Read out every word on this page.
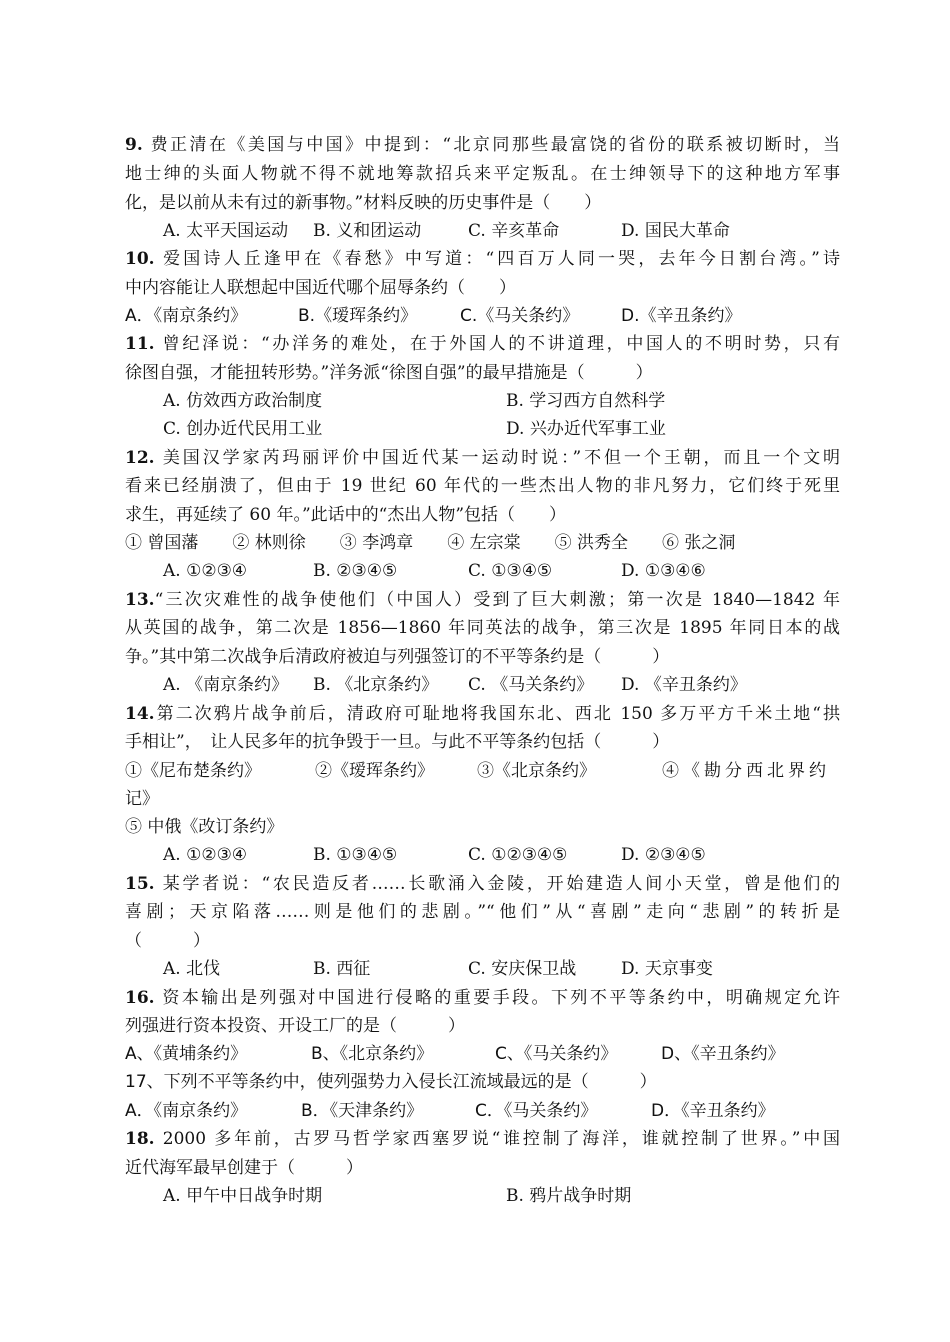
9. 费正清在《美国与中国》中提到：“北京同那些最富饶的省份的联系被切断时，当
地士绅的头面人物就不得不就地筹款招兵来平定叛乱。在士绅领导下的这种地方军事
化，是以前从未有过的新事物。”材料反映的历史事件是（　　）
A. 太平天国运动 B. 义和团运动	C. 辛亥革命	D. 国民大革命
10. 爱国诗人丘逢甲在《春愁》中写道：“四百万人同一哭，去年今日割台湾。”诗
中内容能让人联想起中国近代哪个屈辱条约（　　）
A．《南京条约》	B.《瑷珲条约》	C.《马关条约》 D.《辛丑条约》
11. 曾纪泽说：“办洋务的难处，在于外国人的不讲道理，中国人的不明时势，只有
徐图自强，才能扭转形势。”洋务派“徐图自强”的最早措施是（　　　）
A. 仿效西方政治制度	B. 学习西方自然科学
C. 创办近代民用工业	D. 兴办近代军事工业
12. 美国汉学家芮玛丽评价中国近代某一运动时说：”不但一个王朝，而且一个文明
看来已经崩溃了，但由于 19 世纪 60 年代的一些杰出人物的非凡努力，它们终于死里
求生，再延续了 60 年。”此话中的“杰出人物”包括（　　）
① 曾国藩　　② 林则徐　　③ 李鸿章　　④ 左宗棠　　⑤ 洪秀全　　⑥ 张之洞
A. ①②③④	B. ②③④⑤	C. ①③④⑤	D. ①③④⑥
13.“三次灾难性的战争使他们（中国人）受到了巨大刺激；第一次是 1840—1842 年
从英国的战争，第二次是 1856—1860 年同英法的战争，第三次是 1895 年同日本的战
争。”其中第二次战争后清政府被迫与列强签订的不平等条约是（　　　）
A. 《南京条约》 B. 《北京条约》 C. 《马关条约》 D. 《辛丑条约》
14.第二次鸦片战争前后，清政府可耻地将我国东北、西北 150 多万平方千米土地“拱
手相让”，　让人民多年的抗争毁于一旦。与此不平等条约包括（　　　）
①《尼布楚条约》	②《瑷珲条约》	③《北京条约》	④《勘分西北界约
记》
⑤ 中俄《改订条约》
A. ①②③④	B. ①③④⑤	C. ①②③④⑤	D. ②③④⑤
15. 某学者说：“农民造反者……长歌涌入金陵，开始建造人间小天堂，曾是他们的
喜剧；天京陷落……则是他们的悲剧。”“他们”从“喜剧”走向“悲剧”的转折是
（　　　）
A. 北伐	B. 西征	C. 安庆保卫战	D. 天京事变
16. 资本输出是列强对中国进行侵略的重要手段。下列不平等条约中，明确规定允许
列强进行资本投资、开设工厂的是（　　　）
A、《黄埔条约》	B、《北京条约》	C、《马关条约》	D、《辛丑条约》
17、下列不平等条约中，使列强势力入侵长江流域最远的是（　　　）
A．《南京条约》	B．《天津条约》	C．《马关条约》	D．《辛丑条约》
18. 2000 多年前，古罗马哲学家西塞罗说“谁控制了海洋，谁就控制了世界。”中国
近代海军最早创建于（　　　）
A. 甲午中日战争时期	B. 鸦片战争时期
